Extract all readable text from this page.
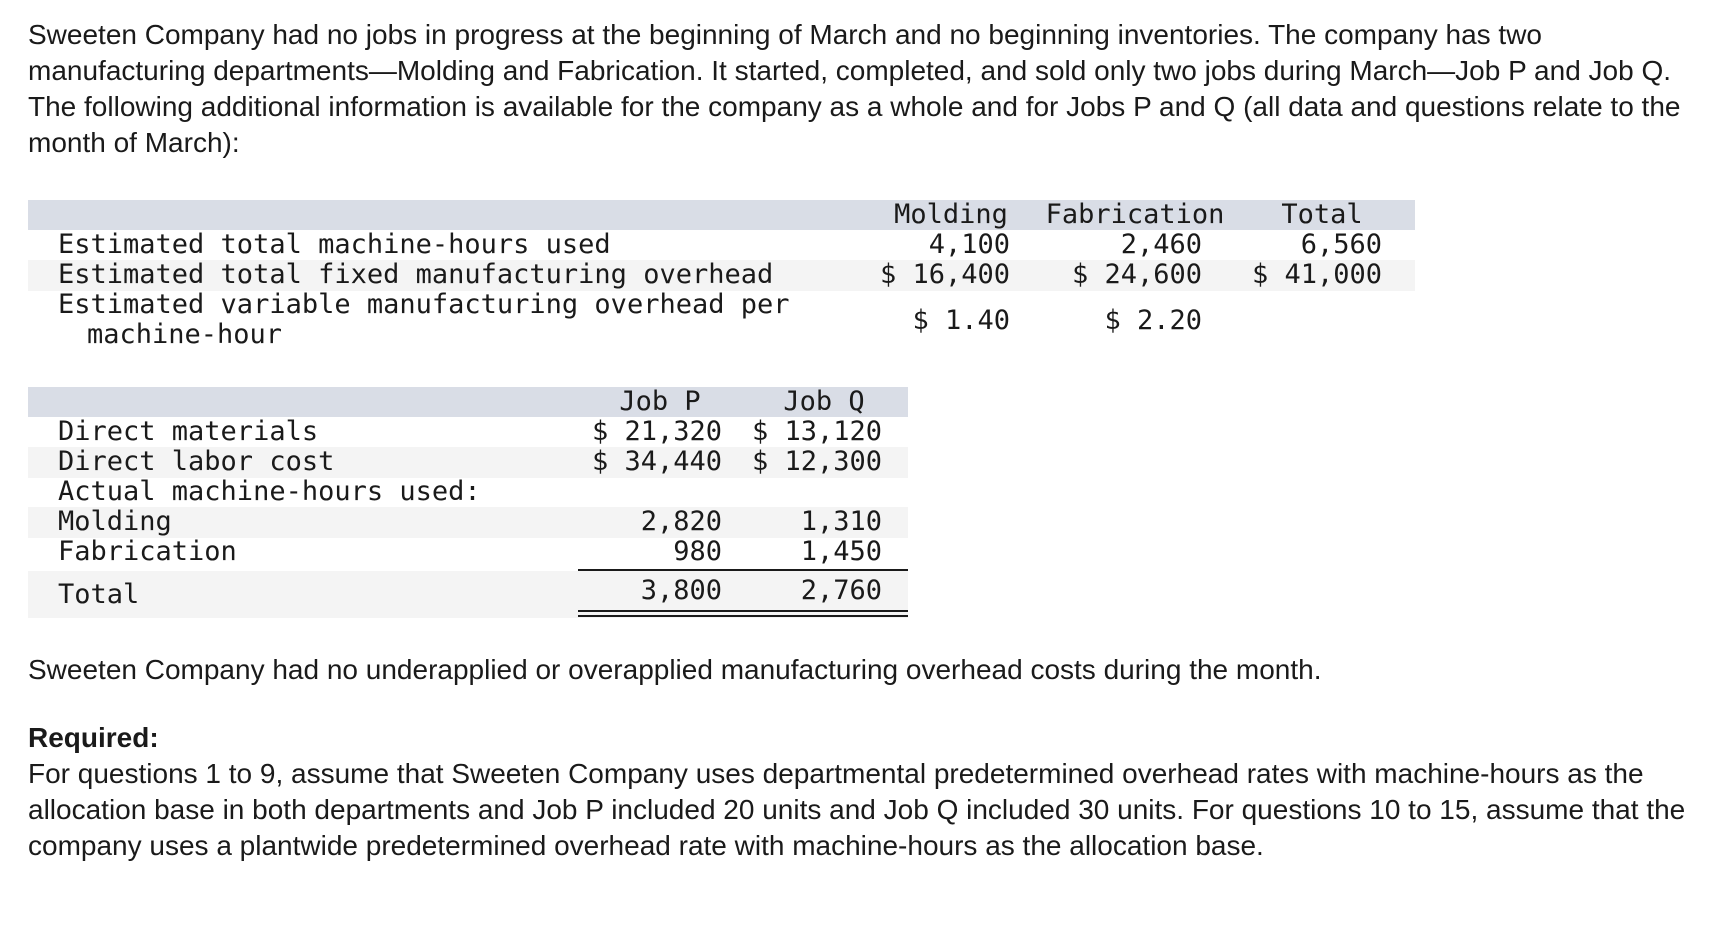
Sweeten Company had no jobs in progress at the beginning of March and no beginning inventories. The company has two manufacturing departments—Molding and Fabrication. It started, completed, and sold only two jobs during March—Job P and Job Q. The following additional information is available for the company as a whole and for Jobs P and Q (all data and questions relate to the month of March):
Molding	Fabrication	Total
Estimated total machine-hours used	4,100	2,460	6,560
Estimated total fixed manufacturing overhead	$ 16,400	$ 24,600	$ 41,000
Estimated variable manufacturing overhead per
machine-hour	$ 1.40	$ 2.20
Job P	Job Q
Direct materials	$ 21,320	$ 13,120
Direct labor cost	$ 34,440	$ 12,300
Actual machine-hours used:
Molding	2,820	1,310
Fabrication	980	1,450
Total	3,800	2,760
Sweeten Company had no underapplied or overapplied manufacturing overhead costs during the month.
Required:
For questions 1 to 9, assume that Sweeten Company uses departmental predetermined overhead rates with machine-hours as the allocation base in both departments and Job P included 20 units and Job Q included 30 units. For questions 10 to 15, assume that the company uses a plantwide predetermined overhead rate with machine-hours as the allocation base.
